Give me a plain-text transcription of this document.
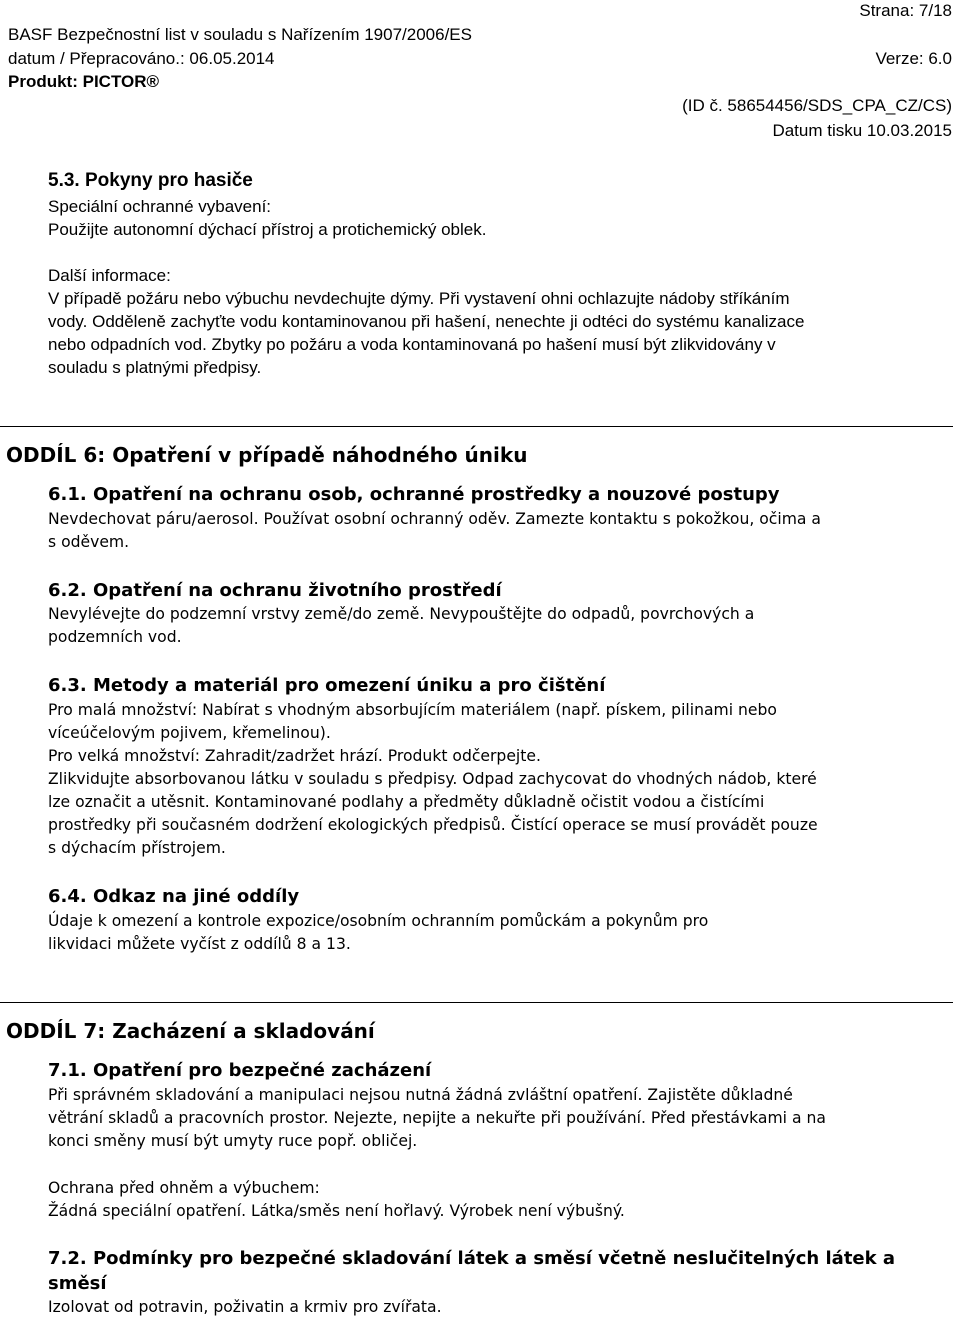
Strana: 7/18
BASF Bezpečnostní list v souladu s Nařízením 1907/2006/ES
datum / Přepracováno.: 06.05.2014	Verze: 6.0
Produkt: PICTOR®
(ID č. 58654456/SDS_CPA_CZ/CS)
Datum tisku 10.03.2015
5.3. Pokyny pro hasiče
Speciální ochranné vybavení:
Použijte autonomní dýchací přístroj a protichemický oblek.
Další informace:
V případě požáru nebo výbuchu nevdechujte dýmy. Při vystavení ohni ochlazujte nádoby stříkáním
vody. Odděleně zachyťte vodu kontaminovanou při hašení, nenechte ji odtéci do systému kanalizace
nebo odpadních vod. Zbytky po požáru a voda kontaminovaná po hašení musí být zlikvidovány v
souladu s platnými předpisy.
ODDÍL 6: Opatření v případě náhodného úniku
6.1. Opatření na ochranu osob, ochranné prostředky a nouzové postupy
Nevdechovat páru/aerosol. Používat osobní ochranný oděv. Zamezte kontaktu s pokožkou, očima a
s oděvem.
6.2. Opatření na ochranu životního prostředí
Nevylévejte do podzemní vrstvy země/do země. Nevypouštějte do odpadů, povrchových a
podzemních vod.
6.3. Metody a materiál pro omezení úniku a pro čištění
Pro malá množství: Nabírat s vhodným absorbujícím materiálem (např. pískem, pilinami nebo
víceúčelovým pojivem, křemelinou).
Pro velká množství: Zahradit/zadržet hrází. Produkt odčerpejte.
Zlikvidujte absorbovanou látku v souladu s předpisy. Odpad zachycovat do vhodných nádob, které
lze označit a utěsnit. Kontaminované podlahy a předměty důkladně očistit vodou a čistícími
prostředky při současném dodržení ekologických předpisů. Čistící operace se musí provádět pouze
s dýchacím přístrojem.
6.4. Odkaz na jiné oddíly
Údaje k omezení a kontrole expozice/osobním ochranním pomůckám a pokynům pro
likvidaci můžete vyčíst z oddílů 8 a 13.
ODDÍL 7: Zacházení a skladování
7.1. Opatření pro bezpečné zacházení
Při správném skladování a manipulaci nejsou nutná žádná zvláštní opatření. Zajistěte důkladné
větrání skladů a pracovních prostor. Nejezte, nepijte a nekuřte při používání. Před přestávkami a na
konci směny musí být umyty ruce popř. obličej.
Ochrana před ohněm a výbuchem:
Žádná speciální opatření. Látka/směs není hořlavý. Výrobek není výbušný.
7.2. Podmínky pro bezpečné skladování látek a směsí včetně neslučitelných látek a
směsí
Izolovat od potravin, poživatin a krmiv pro zvířata.
